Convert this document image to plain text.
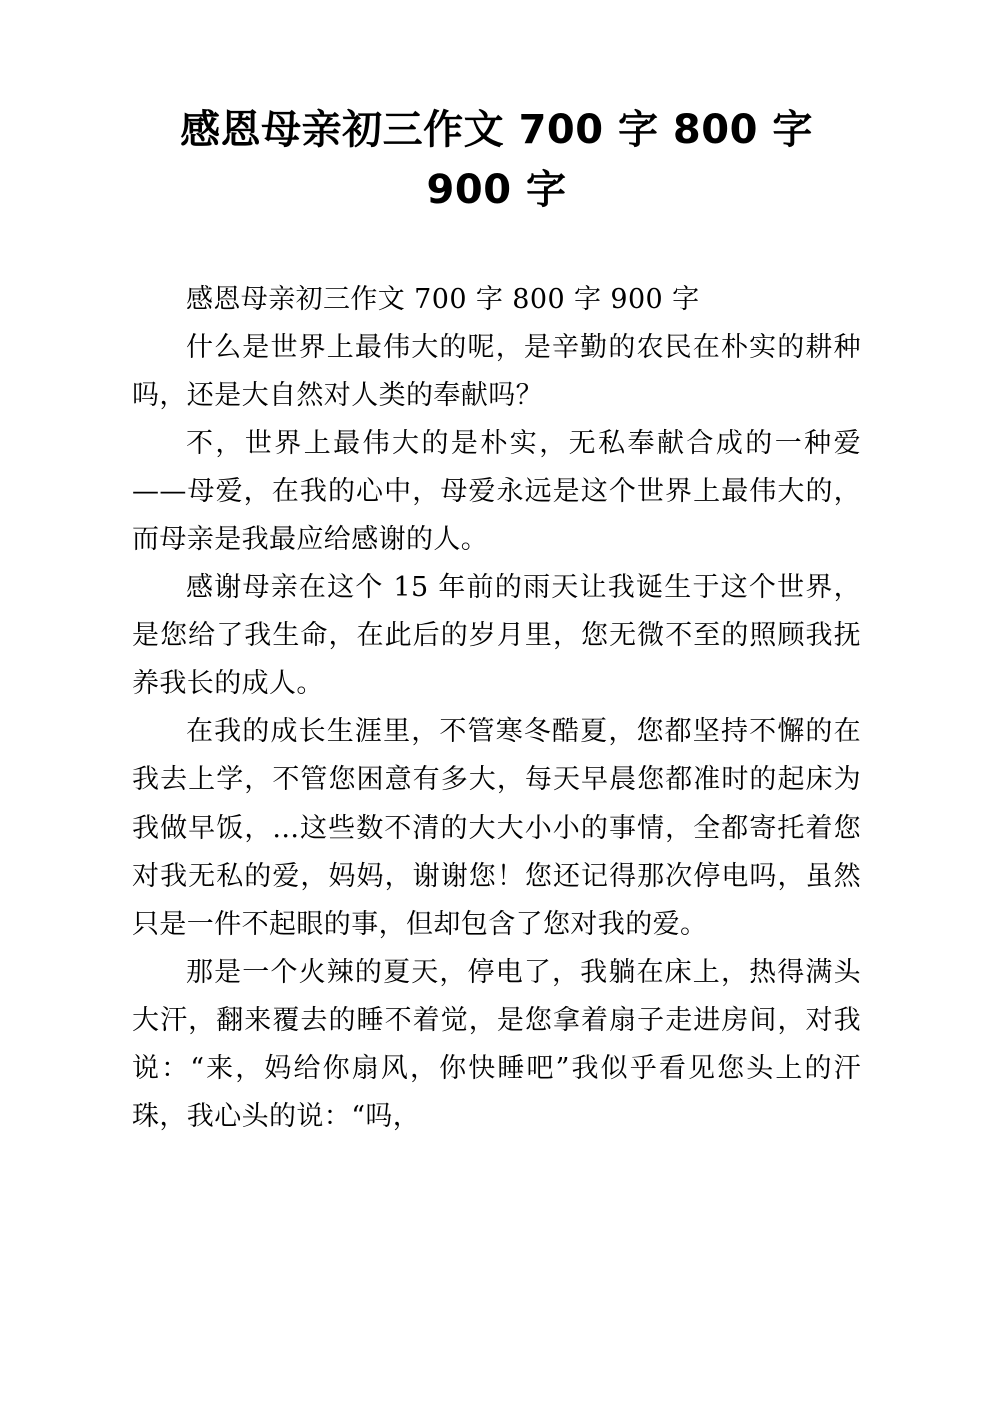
感恩母亲初三作文 700 字 800 字 900 字

感恩母亲初三作文 700 字 800 字 900 字

什么是世界上最伟大的呢，是辛勤的农民在朴实的耕种吗，还是大自然对人类的奉献吗？

不，世界上最伟大的是朴实，无私奉献合成的一种爱——母爱，在我的心中，母爱永远是这个世界上最伟大的，而母亲是我最应给感谢的人。

感谢母亲在这个 15 年前的雨天让我诞生于这个世界，是您给了我生命，在此后的岁月里，您无微不至的照顾我抚养我长的成人。

在我的成长生涯里，不管寒冬酷夏，您都坚持不懈的在我去上学，不管您困意有多大，每天早晨您都准时的起床为我做早饭，...这些数不清的大大小小的事情，全都寄托着您对我无私的爱，妈妈，谢谢您！您还记得那次停电吗，虽然只是一件不起眼的事，但却包含了您对我的爱。

那是一个火辣的夏天，停电了，我躺在床上，热得满头大汗，翻来覆去的睡不着觉，是您拿着扇子走进房间，对我说：“来，妈给你扇风，你快睡吧”我似乎看见您头上的汗珠，我心头的说：“吗，
